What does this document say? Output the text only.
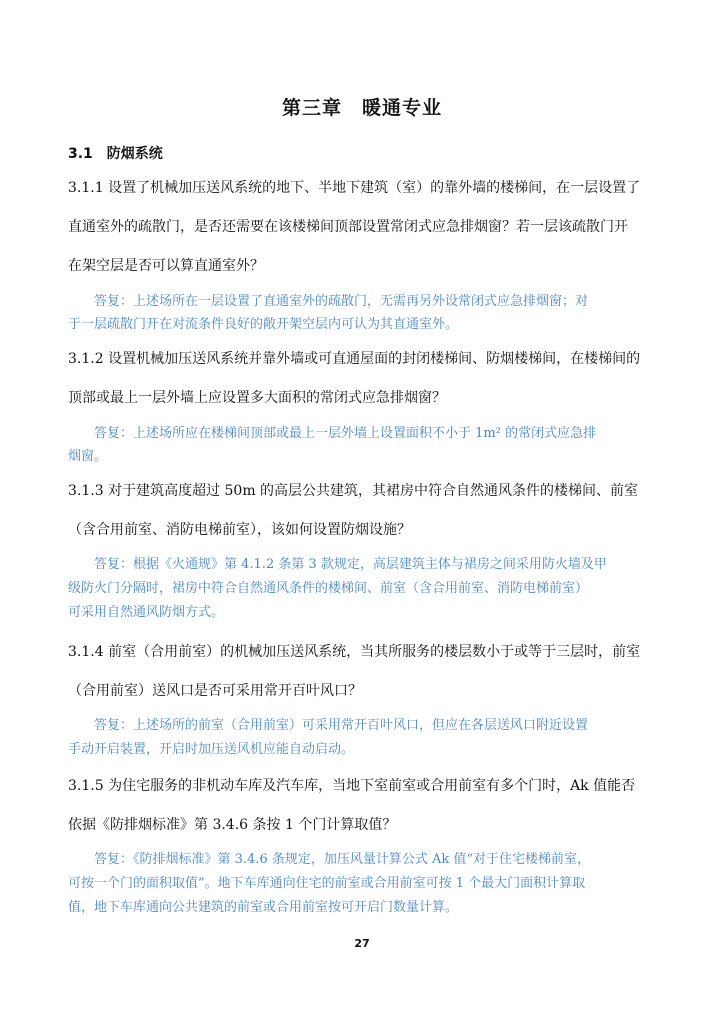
第三章　暖通专业
3.1　防烟系统
3.1.1 设置了机械加压送风系统的地下、半地下建筑（室）的靠外墙的楼梯间，在一层设置了
直通室外的疏散门，是否还需要在该楼梯间顶部设置常闭式应急排烟窗？若一层该疏散门开
在架空层是否可以算直通室外？
　　答复：上述场所在一层设置了直通室外的疏散门，无需再另外设常闭式应急排烟窗；对
于一层疏散门开在对流条件良好的敞开架空层内可认为其直通室外。
3.1.2 设置机械加压送风系统并靠外墙或可直通屋面的封闭楼梯间、防烟楼梯间，在楼梯间的
顶部或最上一层外墙上应设置多大面积的常闭式应急排烟窗？
　　答复：上述场所应在楼梯间顶部或最上一层外墙上设置面积不小于 1m² 的常闭式应急排
烟窗。
3.1.3 对于建筑高度超过 50m 的高层公共建筑，其裙房中符合自然通风条件的楼梯间、前室
（含合用前室、消防电梯前室），该如何设置防烟设施？
　　答复：根据《火通规》第 4.1.2 条第 3 款规定，高层建筑主体与裙房之间采用防火墙及甲
级防火门分隔时，裙房中符合自然通风条件的楼梯间、前室（含合用前室、消防电梯前室）
可采用自然通风防烟方式。
3.1.4 前室（合用前室）的机械加压送风系统，当其所服务的楼层数小于或等于三层时，前室
（合用前室）送风口是否可采用常开百叶风口？
　　答复：上述场所的前室（合用前室）可采用常开百叶风口，但应在各层送风口附近设置
手动开启装置，开启时加压送风机应能自动启动。
3.1.5 为住宅服务的非机动车库及汽车库，当地下室前室或合用前室有多个门时，Ak 值能否
依据《防排烟标准》第 3.4.6 条按 1 个门计算取值？
　　答复：《防排烟标准》第 3.4.6 条规定，加压风量计算公式 Ak 值“对于住宅楼梯前室，
可按一个门的面积取值”。地下车库通向住宅的前室或合用前室可按 1 个最大门面积计算取
值，地下车库通向公共建筑的前室或合用前室按可开启门数量计算。
27
